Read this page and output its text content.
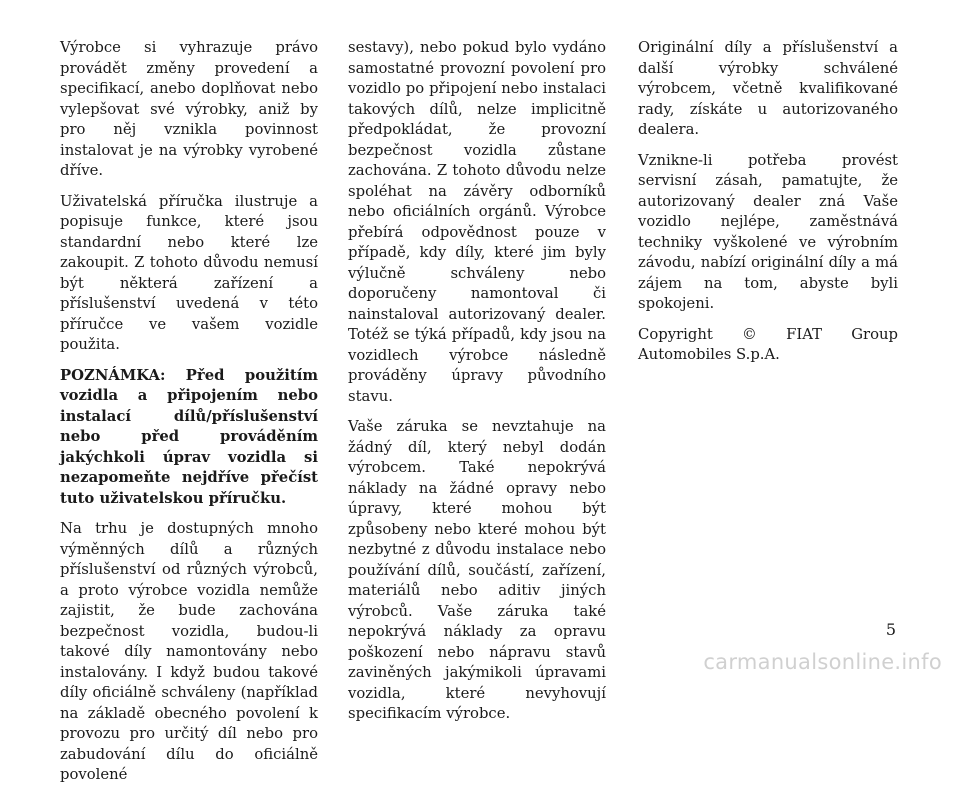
Výrobce si vyhrazuje právo provádět změny provedení a specifikací, anebo doplňovat nebo vylepšovat své výrobky, aniž by pro něj vznikla povinnost instalovat je na výrobky vyrobené dříve.

Uživatelská příručka ilustruje a popisuje funkce, které jsou standardní nebo které lze zakoupit. Z tohoto důvodu nemusí být některá zařízení a příslušenství uvedená v této příručce ve vašem vozidle použita.

POZNÁMKA: Před použitím vozidla a připojením nebo instalací dílů/příslušenství nebo před prováděním jakýchkoli úprav vozidla si nezapomeňte nejdříve přečíst tuto uživatelskou příručku.

Na trhu je dostupných mnoho výměnných dílů a různých příslušenství od různých výrobců, a proto výrobce vozidla nemůže zajistit, že bude zachována bezpečnost vozidla, budou-li takové díly namontovány nebo instalovány. I když budou takové díly oficiálně schváleny (například na základě obecného povolení k provozu pro určitý díl nebo pro zabudování dílu do oficiálně povolené

sestavy), nebo pokud bylo vydáno samostatné provozní povolení pro vozidlo po připojení nebo instalaci takových dílů, nelze implicitně předpokládat, že provozní bezpečnost vozidla zůstane zachována. Z tohoto důvodu nelze spoléhat na závěry odborníků nebo oficiálních orgánů. Výrobce přebírá odpovědnost pouze v případě, kdy díly, které jim byly výlučně schváleny nebo doporučeny namontoval či nainstaloval autorizovaný dealer. Totéž se týká případů, kdy jsou na vozidlech výrobce následně prováděny úpravy původního stavu.

Vaše záruka se nevztahuje na žádný díl, který nebyl dodán výrobcem. Také nepokrývá náklady na žádné opravy nebo úpravy, které mohou být způsobeny nebo které mohou být nezbytné z důvodu instalace nebo používání dílů, součástí, zařízení, materiálů nebo aditiv jiných výrobců. Vaše záruka také nepokrývá náklady za opravu poškození nebo nápravu stavů zaviněných jakýmikoli úpravami vozidla, které nevyhovují specifikacím výrobce.

Originální díly a příslušenství a další výrobky schválené výrobcem, včetně kvalifikované rady, získáte u autorizovaného dealera.

Vznikne-li potřeba provést servisní zásah, pamatujte, že autorizovaný dealer zná Vaše vozidlo nejlépe, zaměstnává techniky vyškolené ve výrobním závodu, nabízí originální díly a má zájem na tom, abyste byli spokojeni.

Copyright © FIAT Group Automobiles S.p.A.

5
carmanualsonline.info
